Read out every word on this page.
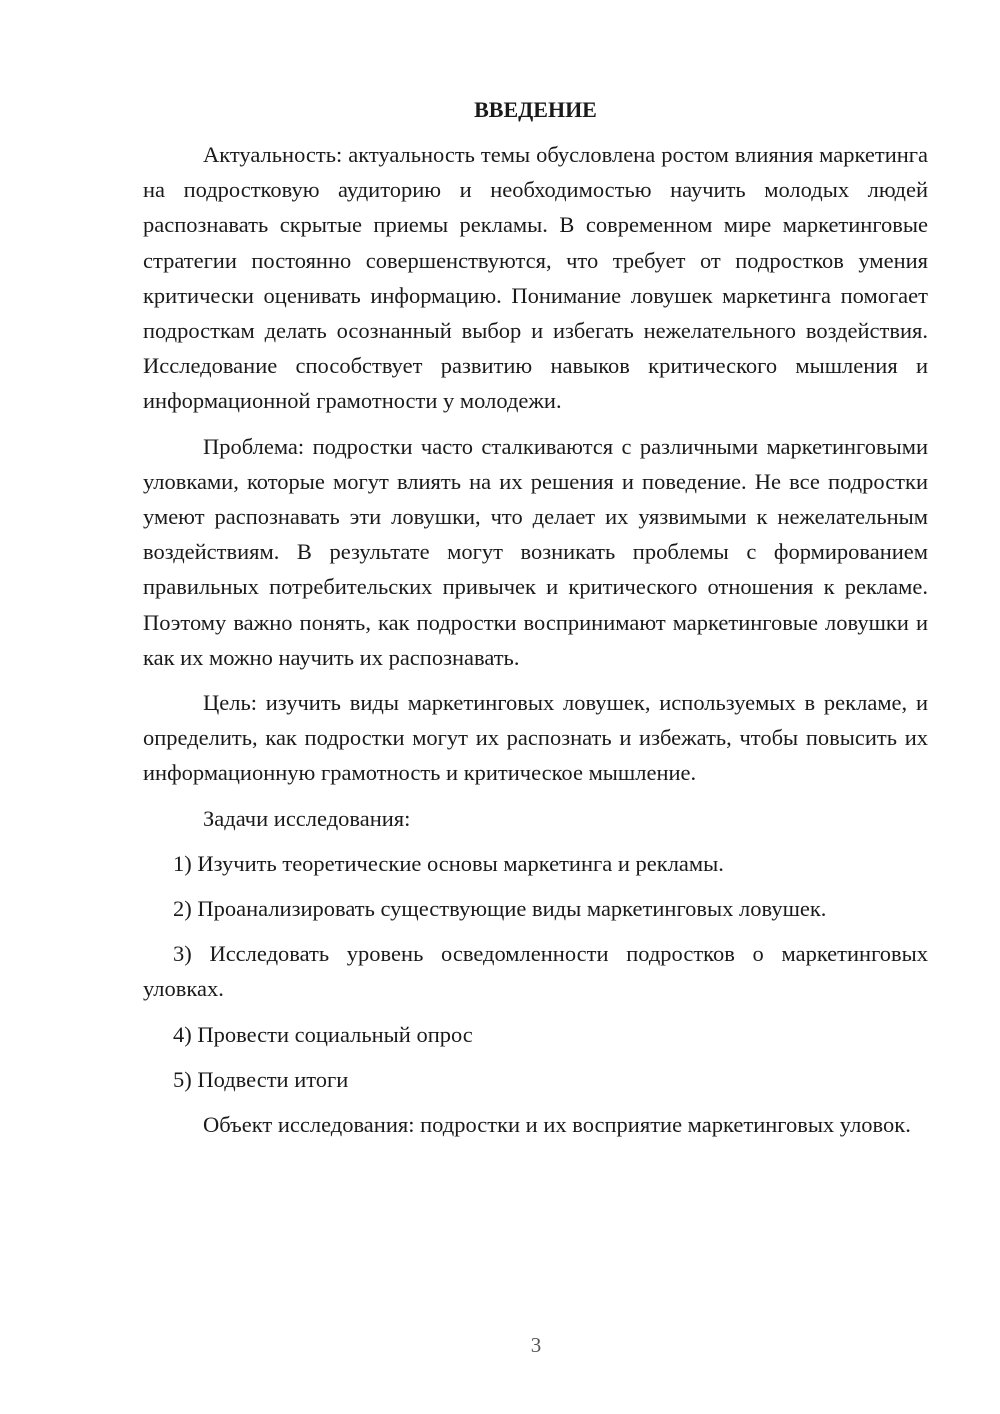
ВВЕДЕНИЕ

Актуальность: актуальность темы обусловлена ростом влияния маркетинга на подростковую аудиторию и необходимостью научить молодых людей распознавать скрытые приемы рекламы. В современном мире маркетинговые стратегии постоянно совершенствуются, что требует от подростков умения критически оценивать информацию. Понимание ловушек маркетинга помогает подросткам делать осознанный выбор и избегать нежелательного воздействия. Исследование способствует развитию навыков критического мышления и информационной грамотности у молодежи.

Проблема: подростки часто сталкиваются с различными маркетинговыми уловками, которые могут влиять на их решения и поведение. Не все подростки умеют распознавать эти ловушки, что делает их уязвимыми к нежелательным воздействиям. В результате могут возникать проблемы с формированием правильных потребительских привычек и критического отношения к рекламе. Поэтому важно понять, как подростки воспринимают маркетинговые ловушки и как их можно научить их распознавать.

Цель: изучить виды маркетинговых ловушек, используемых в рекламе, и определить, как подростки могут их распознать и избежать, чтобы повысить их информационную грамотность и критическое мышление.

Задачи исследования:

1) Изучить теоретические основы маркетинга и рекламы.

2) Проанализировать существующие виды маркетинговых ловушек.

3) Исследовать уровень осведомленности подростков о маркетинговых уловках.

4) Провести социальный опрос

5) Подвести итоги

Объект исследования: подростки и их восприятие маркетинговых уловок.

3
